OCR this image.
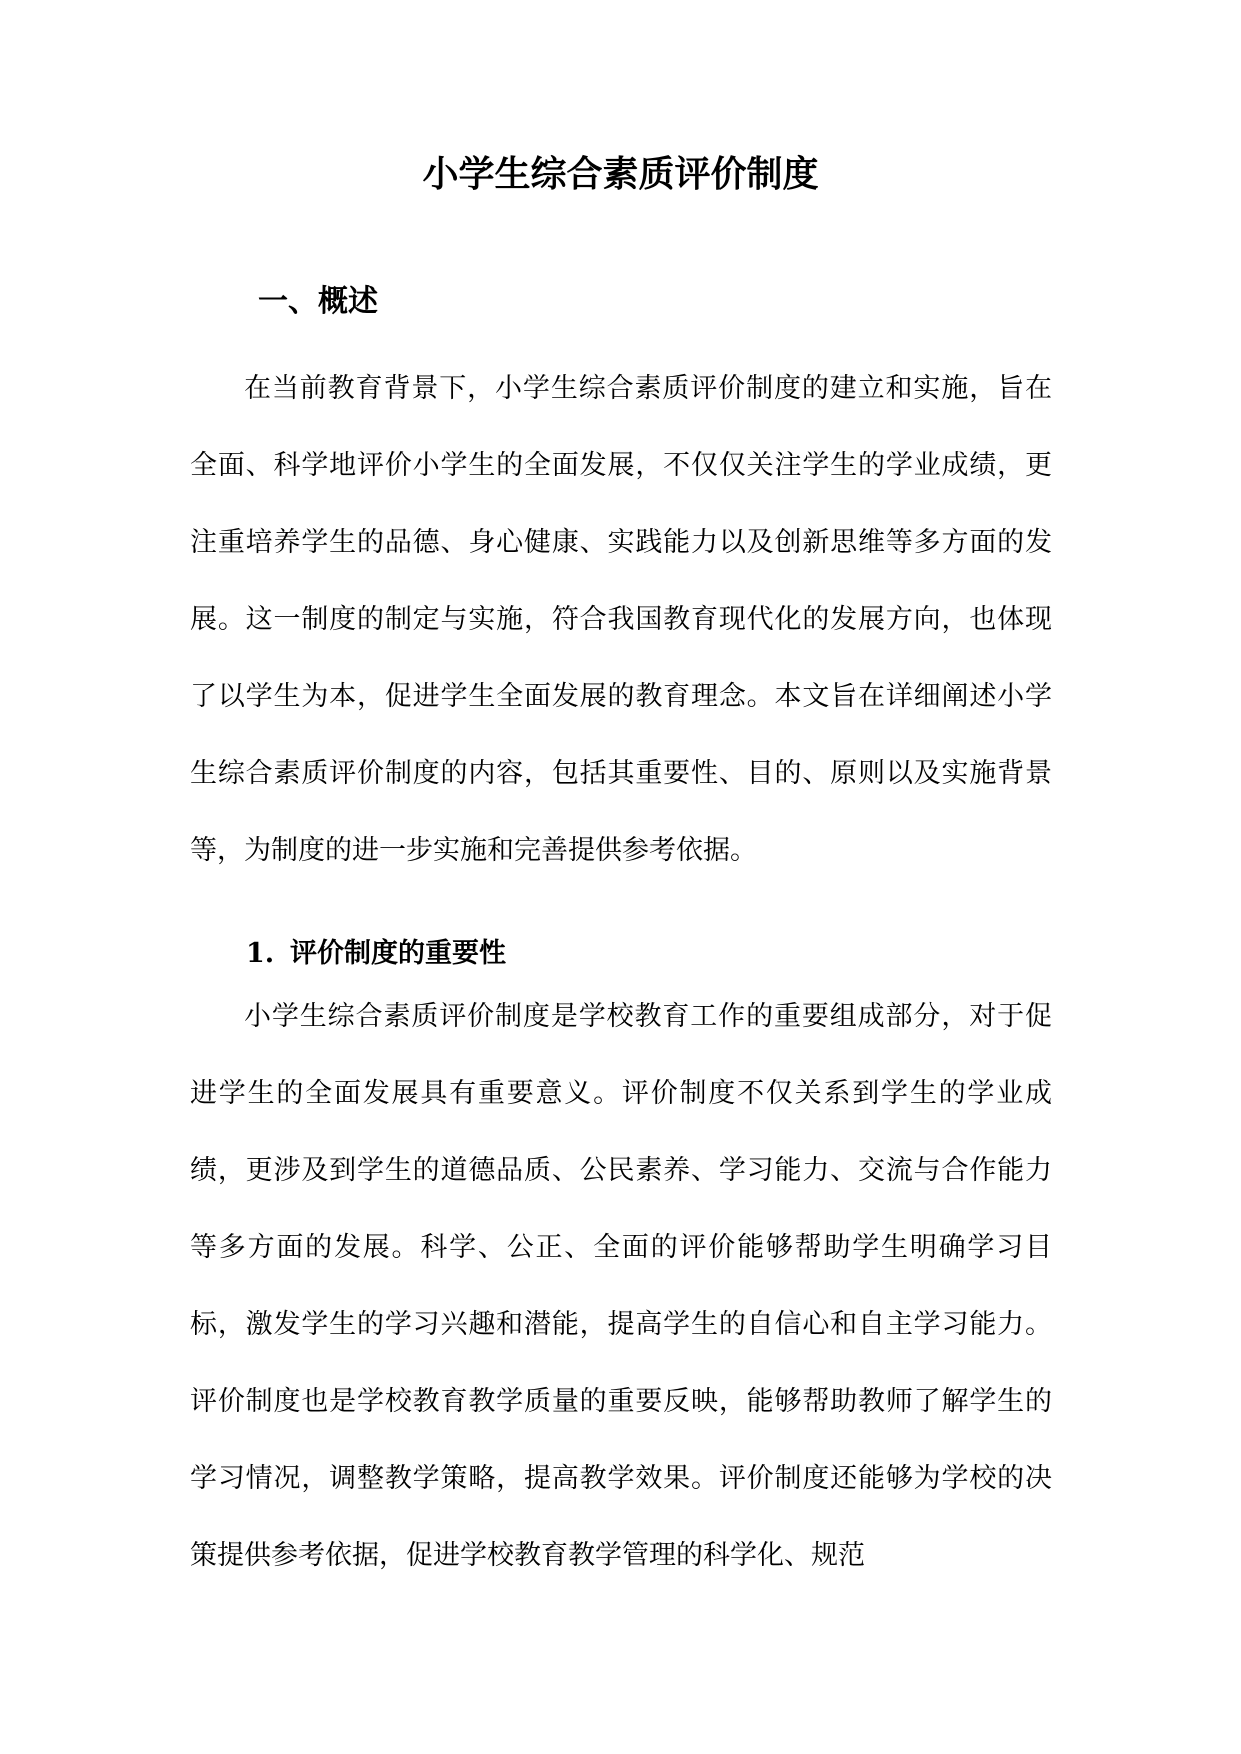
小学生综合素质评价制度
一、概述

在当前教育背景下，小学生综合素质评价制度的建立和实施，旨在全面、科学地评价小学生的全面发展，不仅仅关注学生的学业成绩，更注重培养学生的品德、身心健康、实践能力以及创新思维等多方面的发展。这一制度的制定与实施，符合我国教育现代化的发展方向，也体现了以学生为本，促进学生全面发展的教育理念。本文旨在详细阐述小学生综合素质评价制度的内容，包括其重要性、目的、原则以及实施背景等，为制度的进一步实施和完善提供参考依据。

1. 评价制度的重要性

小学生综合素质评价制度是学校教育工作的重要组成部分，对于促进学生的全面发展具有重要意义。评价制度不仅关系到学生的学业成绩，更涉及到学生的道德品质、公民素养、学习能力、交流与合作能力等多方面的发展。科学、公正、全面的评价能够帮助学生明确学习目标，激发学生的学习兴趣和潜能，提高学生的自信心和自主学习能力。评价制度也是学校教育教学质量的重要反映，能够帮助教师了解学生的学习情况，调整教学策略，提高教学效果。评价制度还能够为学校的决策提供参考依据，促进学校教育教学管理的科学化、规范
